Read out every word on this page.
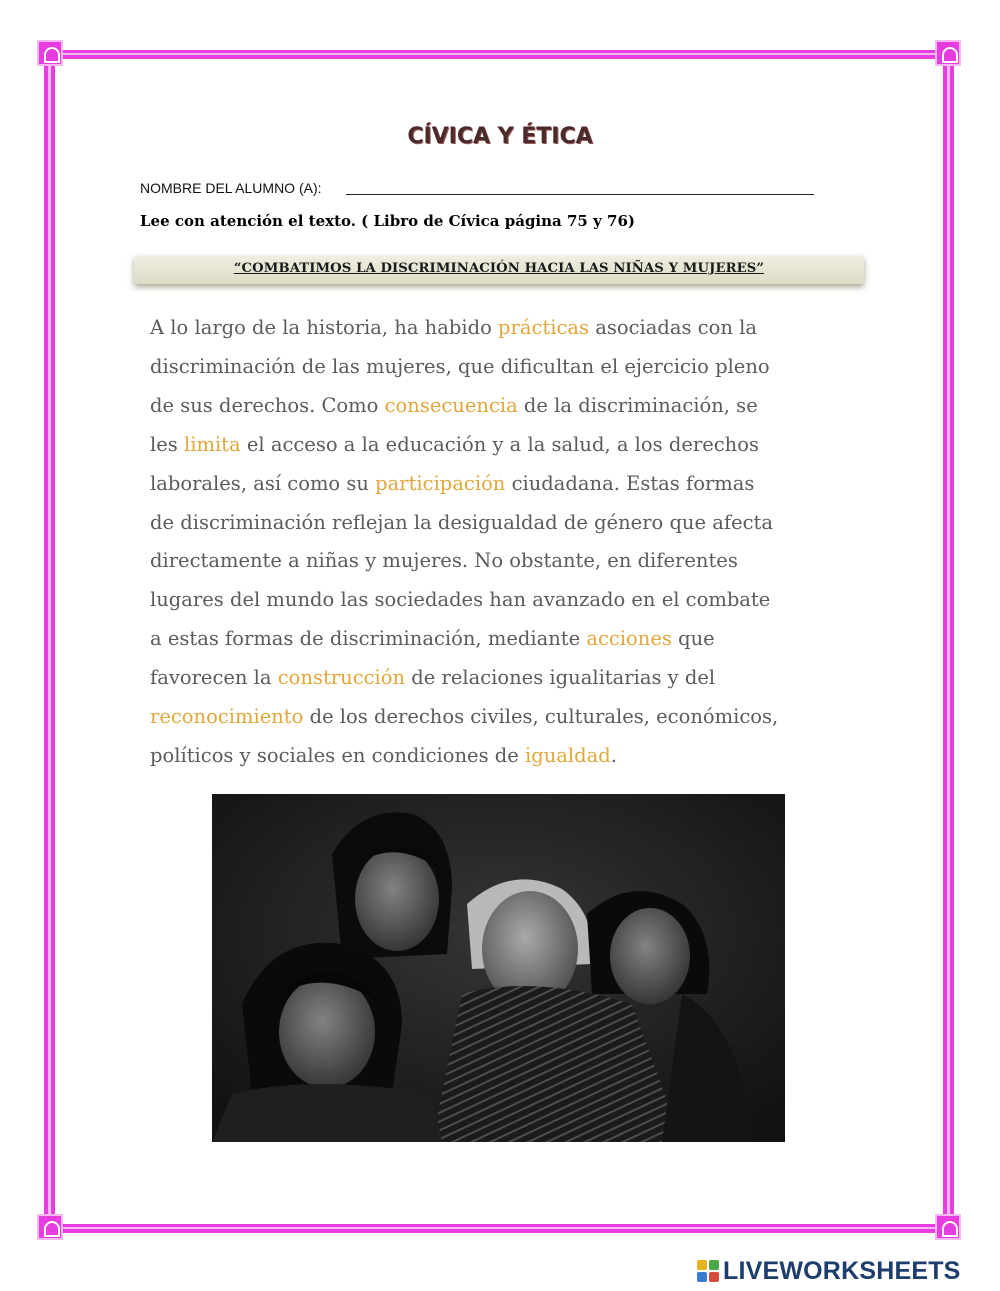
CÍVICA Y ÉTICA
NOMBRE DEL ALUMNO (A):
Lee con atención el texto. ( Libro de Cívica página 75 y 76)
“COMBATIMOS LA DISCRIMINACIÓN HACIA LAS NIÑAS Y MUJERES”
A lo largo de la historia, ha habido prácticas asociadas con la
discriminación de las mujeres, que dificultan el ejercicio pleno
de sus derechos. Como consecuencia de la discriminación, se
les limita el acceso a la educación y a la salud, a los derechos
laborales, así como su participación ciudadana. Estas formas
de discriminación reflejan la desigualdad de género que afecta
directamente a niñas y mujeres. No obstante, en diferentes
lugares del mundo las sociedades han avanzado en el combate
a estas formas de discriminación, mediante acciones que
favorecen la construcción de relaciones igualitarias y del
reconocimiento de los derechos civiles, culturales, económicos,
políticos y sociales en condiciones de igualdad.
LIVEWORKSHEETS
